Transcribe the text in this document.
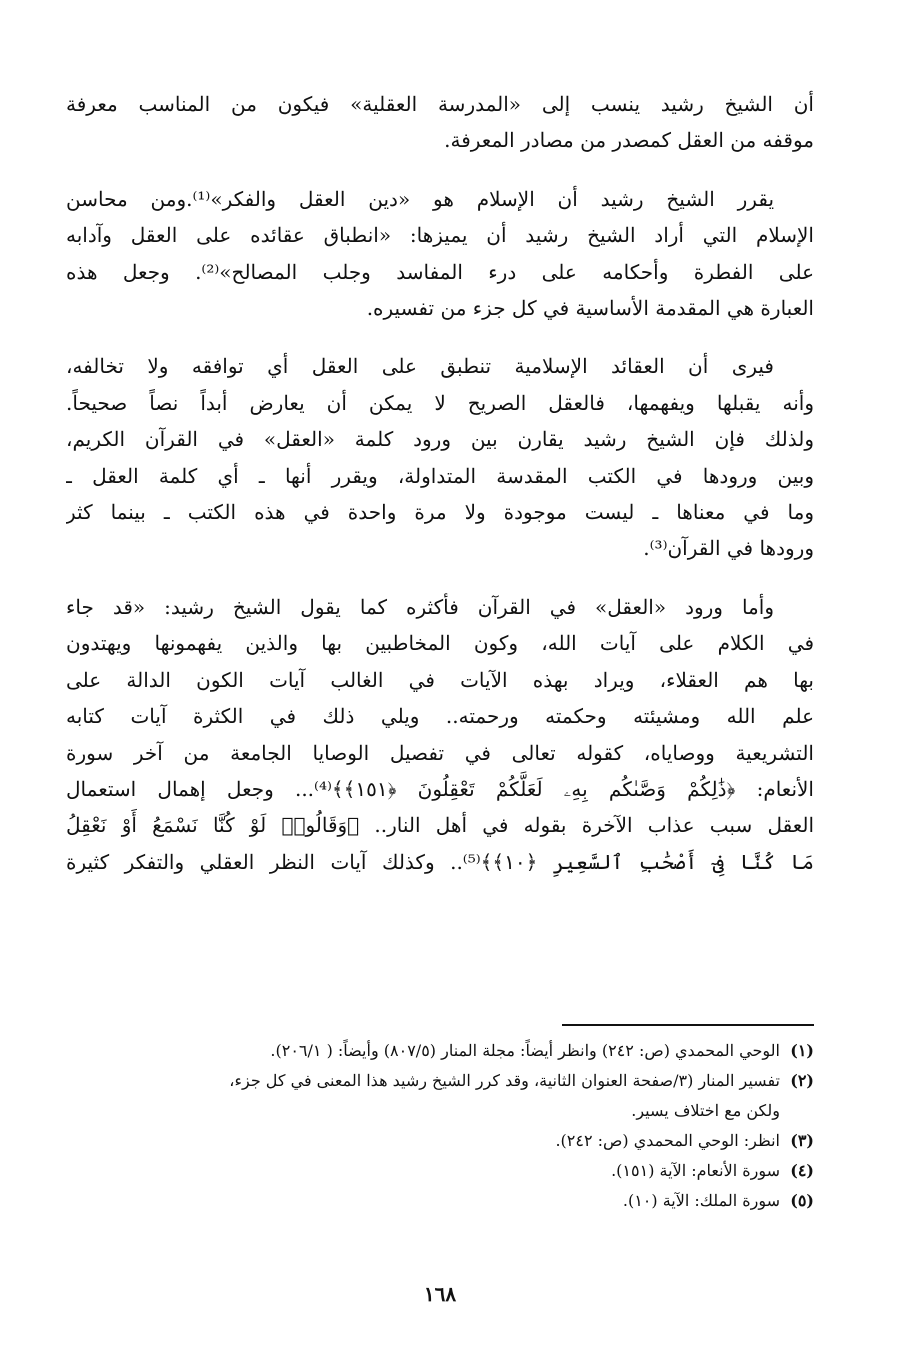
أن الشيخ رشيد ينسب إلى «المدرسة العقلية» فيكون من المناسب معرفة
موقفه من العقل كمصدر من مصادر المعرفة.

يقرر الشيخ رشيد أن الإسلام هو «دين العقل والفكر»⁽¹⁾.ومن محاسن
الإسلام التي أراد الشيخ رشيد أن يميزها: «انطباق عقائده على العقل وآدابه
على الفطرة وأحكامه على درء المفاسد وجلب المصالح»⁽²⁾. وجعل هذه
العبارة هي المقدمة الأساسية في كل جزء من تفسيره.

فيرى أن العقائد الإسلامية تنطبق على العقل أي توافقه ولا تخالفه،
وأنه يقبلها ويفهمها، فالعقل الصريح لا يمكن أن يعارض أبداً نصاً صحيحاً.
ولذلك فإن الشيخ رشيد يقارن بين ورود كلمة «العقل» في القرآن الكريم،
وبين ورودها في الكتب المقدسة المتداولة، ويقرر أنها ـ أي كلمة العقل ـ
وما في معناها ـ ليست موجودة ولا مرة واحدة في هذه الكتب ـ بينما كثر
ورودها في القرآن⁽³⁾.

وأما ورود «العقل» في القرآن فأكثره كما يقول الشيخ رشيد: «قد جاء
في الكلام على آيات الله، وكون المخاطبين بها والذين يفهمونها ويهتدون
بها هم العقلاء، ويراد بهذه الآيات في الغالب آيات الكون الدالة على
علم الله ومشيئته وحكمته ورحمته.. ويلي ذلك في الكثرة آيات كتابه
التشريعية ووصاياه، كقوله تعالى في تفصيل الوصايا الجامعة من آخر سورة
الأنعام: ﴿ذَٰلِكُمْ وَصَّىٰكُم بِهِۦ لَعَلَّكُمْ تَعْقِلُونَ ﴿١٥١﴾﴾⁽⁴⁾... وجعل إهمال استعمال
العقل سبب عذاب الآخرة بقوله في أهل النار.. ﴿وَقَالُوا۟ لَوْ كُنَّا نَسْمَعُ أَوْ نَعْقِلُ
مَا كُنَّا فِىٓ أَصْحَٰبِ ٱلسَّعِيرِ ﴿١٠﴾﴾⁽⁵⁾.. وكذلك آيات النظر العقلي والتفكر كثيرة

(١)
الوحي المحمدي (ص: ٢٤٢) وانظر أيضاً: مجلة المنار (٨٠٧/٥) وأيضاً: ( ٢٠٦/١).
(٢)
تفسير المنار (٣/صفحة العنوان الثانية، وقد كرر الشيخ رشيد هذا المعنى في كل جزء،
ولكن مع اختلاف يسير.
(٣)
انظر: الوحي المحمدي (ص: ٢٤٢).
(٤)
سورة الأنعام: الآية (١٥١).
(٥)
سورة الملك: الآية (١٠).
١٦٨
